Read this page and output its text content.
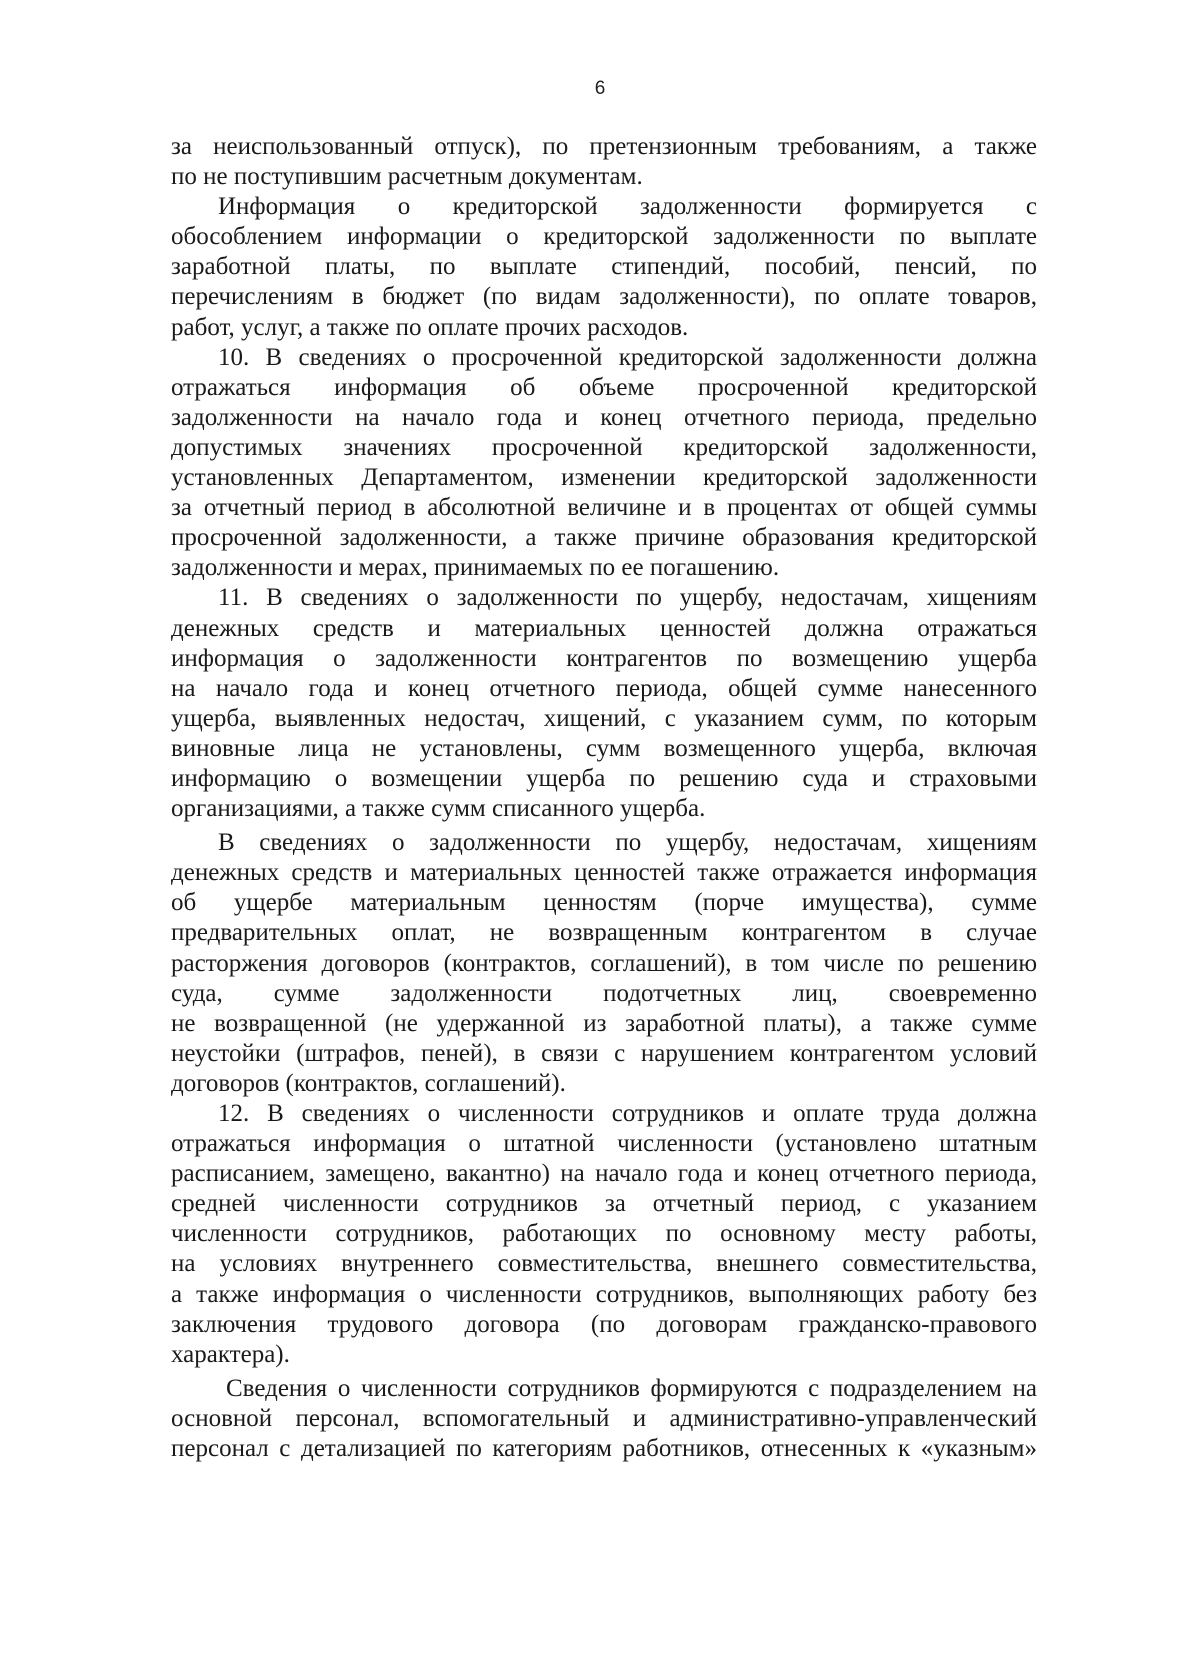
6
за неиспользованный отпуск), по претензионным требованиям, а также
по не поступившим расчетным документам.
Информация о кредиторской задолженности формируется с
обособлением информации о кредиторской задолженности по выплате
заработной платы, по выплате стипендий, пособий, пенсий, по
перечислениям в бюджет (по видам задолженности), по оплате товаров,
работ, услуг, а также по оплате прочих расходов.
10. В сведениях о просроченной кредиторской задолженности должна
отражаться информация об объеме просроченной кредиторской
задолженности на начало года и конец отчетного периода, предельно
допустимых значениях просроченной кредиторской задолженности,
установленных Департаментом, изменении кредиторской задолженности
за отчетный период в абсолютной величине и в процентах от общей суммы
просроченной задолженности, а также причине образования кредиторской
задолженности и мерах, принимаемых по ее погашению.
11. В сведениях о задолженности по ущербу, недостачам, хищениям
денежных средств и материальных ценностей должна отражаться
информация о задолженности контрагентов по возмещению ущерба
на начало года и конец отчетного периода, общей сумме нанесенного
ущерба, выявленных недостач, хищений, с указанием сумм, по которым
виновные лица не установлены, сумм возмещенного ущерба, включая
информацию о возмещении ущерба по решению суда и страховыми
организациями, а также сумм списанного ущерба.
В сведениях о задолженности по ущербу, недостачам, хищениям
денежных средств и материальных ценностей также отражается информация
об ущербе материальным ценностям (порче имущества), сумме
предварительных оплат, не возвращенным контрагентом в случае
расторжения договоров (контрактов, соглашений), в том числе по решению
суда, сумме задолженности подотчетных лиц, своевременно
не возвращенной (не удержанной из заработной платы), а также сумме
неустойки (штрафов, пеней), в связи с нарушением контрагентом условий
договоров (контрактов, соглашений).
12. В сведениях о численности сотрудников и оплате труда должна
отражаться информация о штатной численности (установлено штатным
расписанием, замещено, вакантно) на начало года и конец отчетного периода,
средней численности сотрудников за отчетный период, с указанием
численности сотрудников, работающих по основному месту работы,
на условиях внутреннего совместительства, внешнего совместительства,
а также информация о численности сотрудников, выполняющих работу без
заключения трудового договора (по договорам гражданско-правового
характера).
Сведения о численности сотрудников формируются с подразделением на
основной персонал, вспомогательный и административно-управленческий
персонал с детализацией по категориям работников, отнесенных к «указным»
